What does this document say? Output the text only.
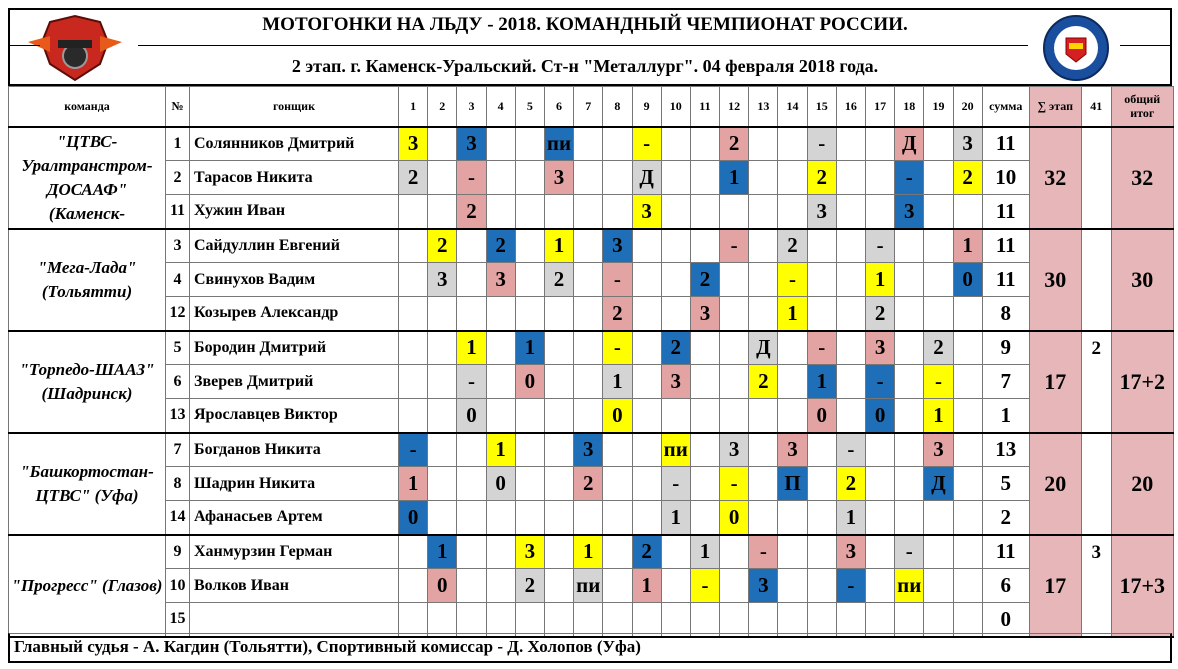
МОТОГОНКИ НА ЛЬДУ - 2018. КОМАНДНЫЙ ЧЕМПИОНАТ РОССИИ.
2 этап. г. Каменск-Уральский. Ст-н "Металлург". 04 февраля 2018 года.
команда	№	гонщик	1	2	3	4	5	6	7	8	9	10	11	12	13	14	15	16	17	18	19	20	сумма	∑ этап	41	общий итог
"ЦТВС-Уралтранстром-ДОСААФ" (Каменск-	1	Солянников Дмитрий	3		3			пи			-			2			-			Д		3	11	32		32
	2	Тарасов Никита	2		-			3			Д			1			2			-		2	10			
	11	Хужин Иван			2						3						3			3			11			
"Мега-Лада" (Тольятти)	3	Сайдуллин Евгений		2		2		1		3				-		2			-			1	11	30		30
	4	Свинухов Вадим		3		3		2		-			2			-			1			0	11			
	12	Козырев Александр								2			3			1			2				8			
"Торпедо-ШААЗ" (Шадринск)	5	Бородин Дмитрий			1		1			-		2			Д		-		3		2		9	17	2	17+2
	6	Зверев Дмитрий			-		0			1		3			2		1		-		-		7			
	13	Ярославцев Виктор			0					0							0		0		1		1			
"Башкортостан-ЦТВС" (Уфа)	7	Богданов Никита	-			1			3			пи		3		3		-			3		13	20		20
	8	Шадрин Никита	1			0			2			-		-		П		2			Д		5			
	14	Афанасьев Артем	0									1		0				1					2			
"Прогресс" (Глазов)	9	Ханмурзин Герман		1			3		1		2		1		-			3		-			11	17	3	17+3
	10	Волков Иван		0			2		пи		1		-		3			-		пи			6			
	15																						0			
Главный судья - А. Кагдин (Тольятти), Спортивный комиссар - Д. Холопов (Уфа)
